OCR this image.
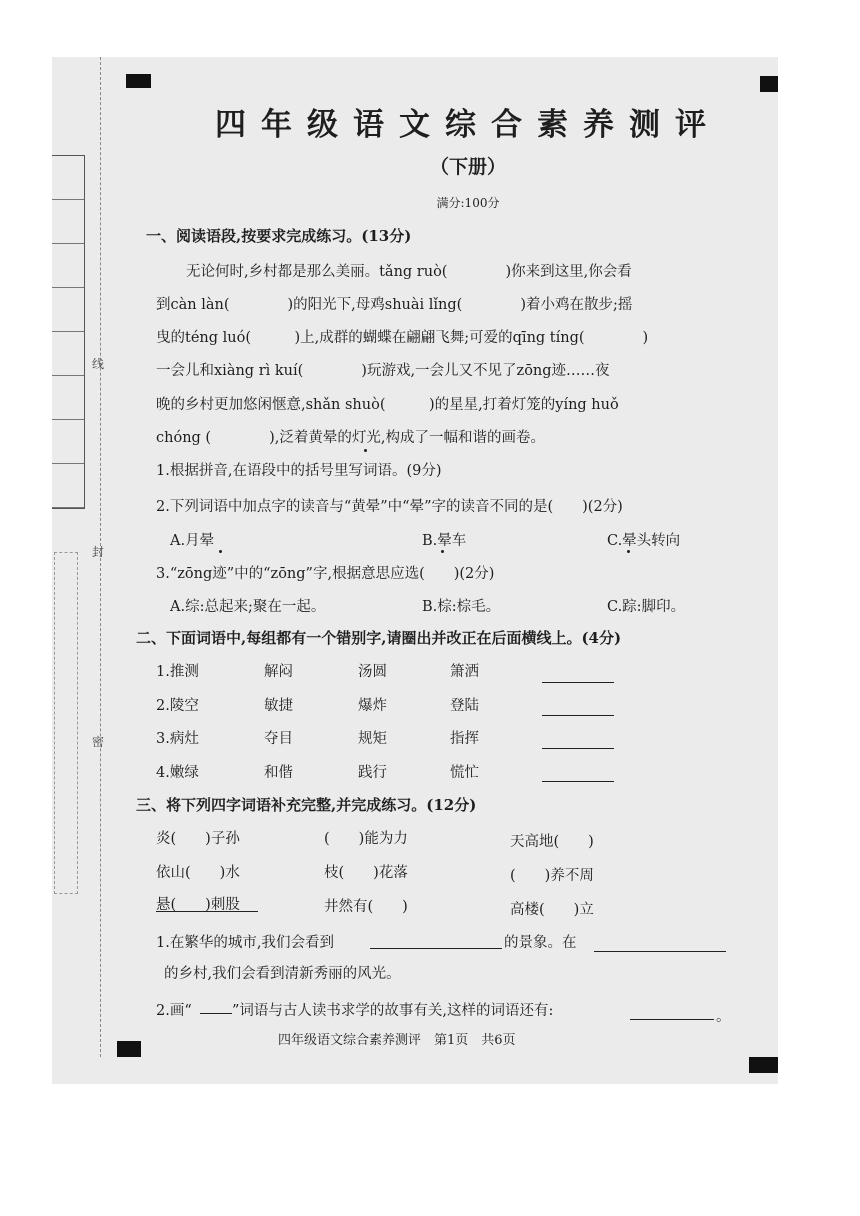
线
封
密
四年级语文综合素养测评
（下册）
满分:100分
一、阅读语段,按要求完成练习。(13分)
无论何时,乡村都是那么美丽。tǎng ruò(　　　　)你来到这里,你会看
到càn làn(　　　　)的阳光下,母鸡shuài lǐng(　　　　)着小鸡在散步;摇
曳的téng luó(　　　)上,成群的蝴蝶在翩翩飞舞;可爱的qīng tíng(　　　　)
一会儿和xiàng rì kuí(　　　　)玩游戏,一会儿又不见了zōng迹……夜
晚的乡村更加悠闲惬意,shǎn shuò(　　　)的星星,打着灯笼的yíng huǒ
chóng (　　　　),泛着黄晕的灯光,构成了一幅和谐的画卷。
1.根据拼音,在语段中的括号里写词语。(9分)
2.下列词语中加点字的读音与“黄晕”中“晕”字的读音不同的是(　　)(2分)
A.月晕	B.晕车	C.晕头转向
3.“zōng迹”中的“zōng”字,根据意思应选(　　)(2分)
A.综:总起来;聚在一起。	B.棕:棕毛。	C.踪:脚印。
二、下面词语中,每组都有一个错别字,请圈出并改正在后面横线上。(4分)
1.推测	解闷	汤圆	箫洒
2.陵空	敏捷	爆炸	登陆
3.病灶	夺目	规矩	指挥
4.嫩绿	和偕	践行	慌忙
三、将下列四字词语补充完整,并完成练习。(12分)
炎(　　)子孙	(　　)能为力	天高地(　　)
依山(　　)水	枝(　　)花落	(　　)养不周
悬(　　)刺股	井然有(　　)	高楼(　　)立
1.在繁华的城市,我们会看到	的景象。在
的乡村,我们会看到清新秀丽的风光。
2.画“	”词语与古人读书求学的故事有关,这样的词语还有:	。
四年级语文综合素养测评　第1页　共6页
